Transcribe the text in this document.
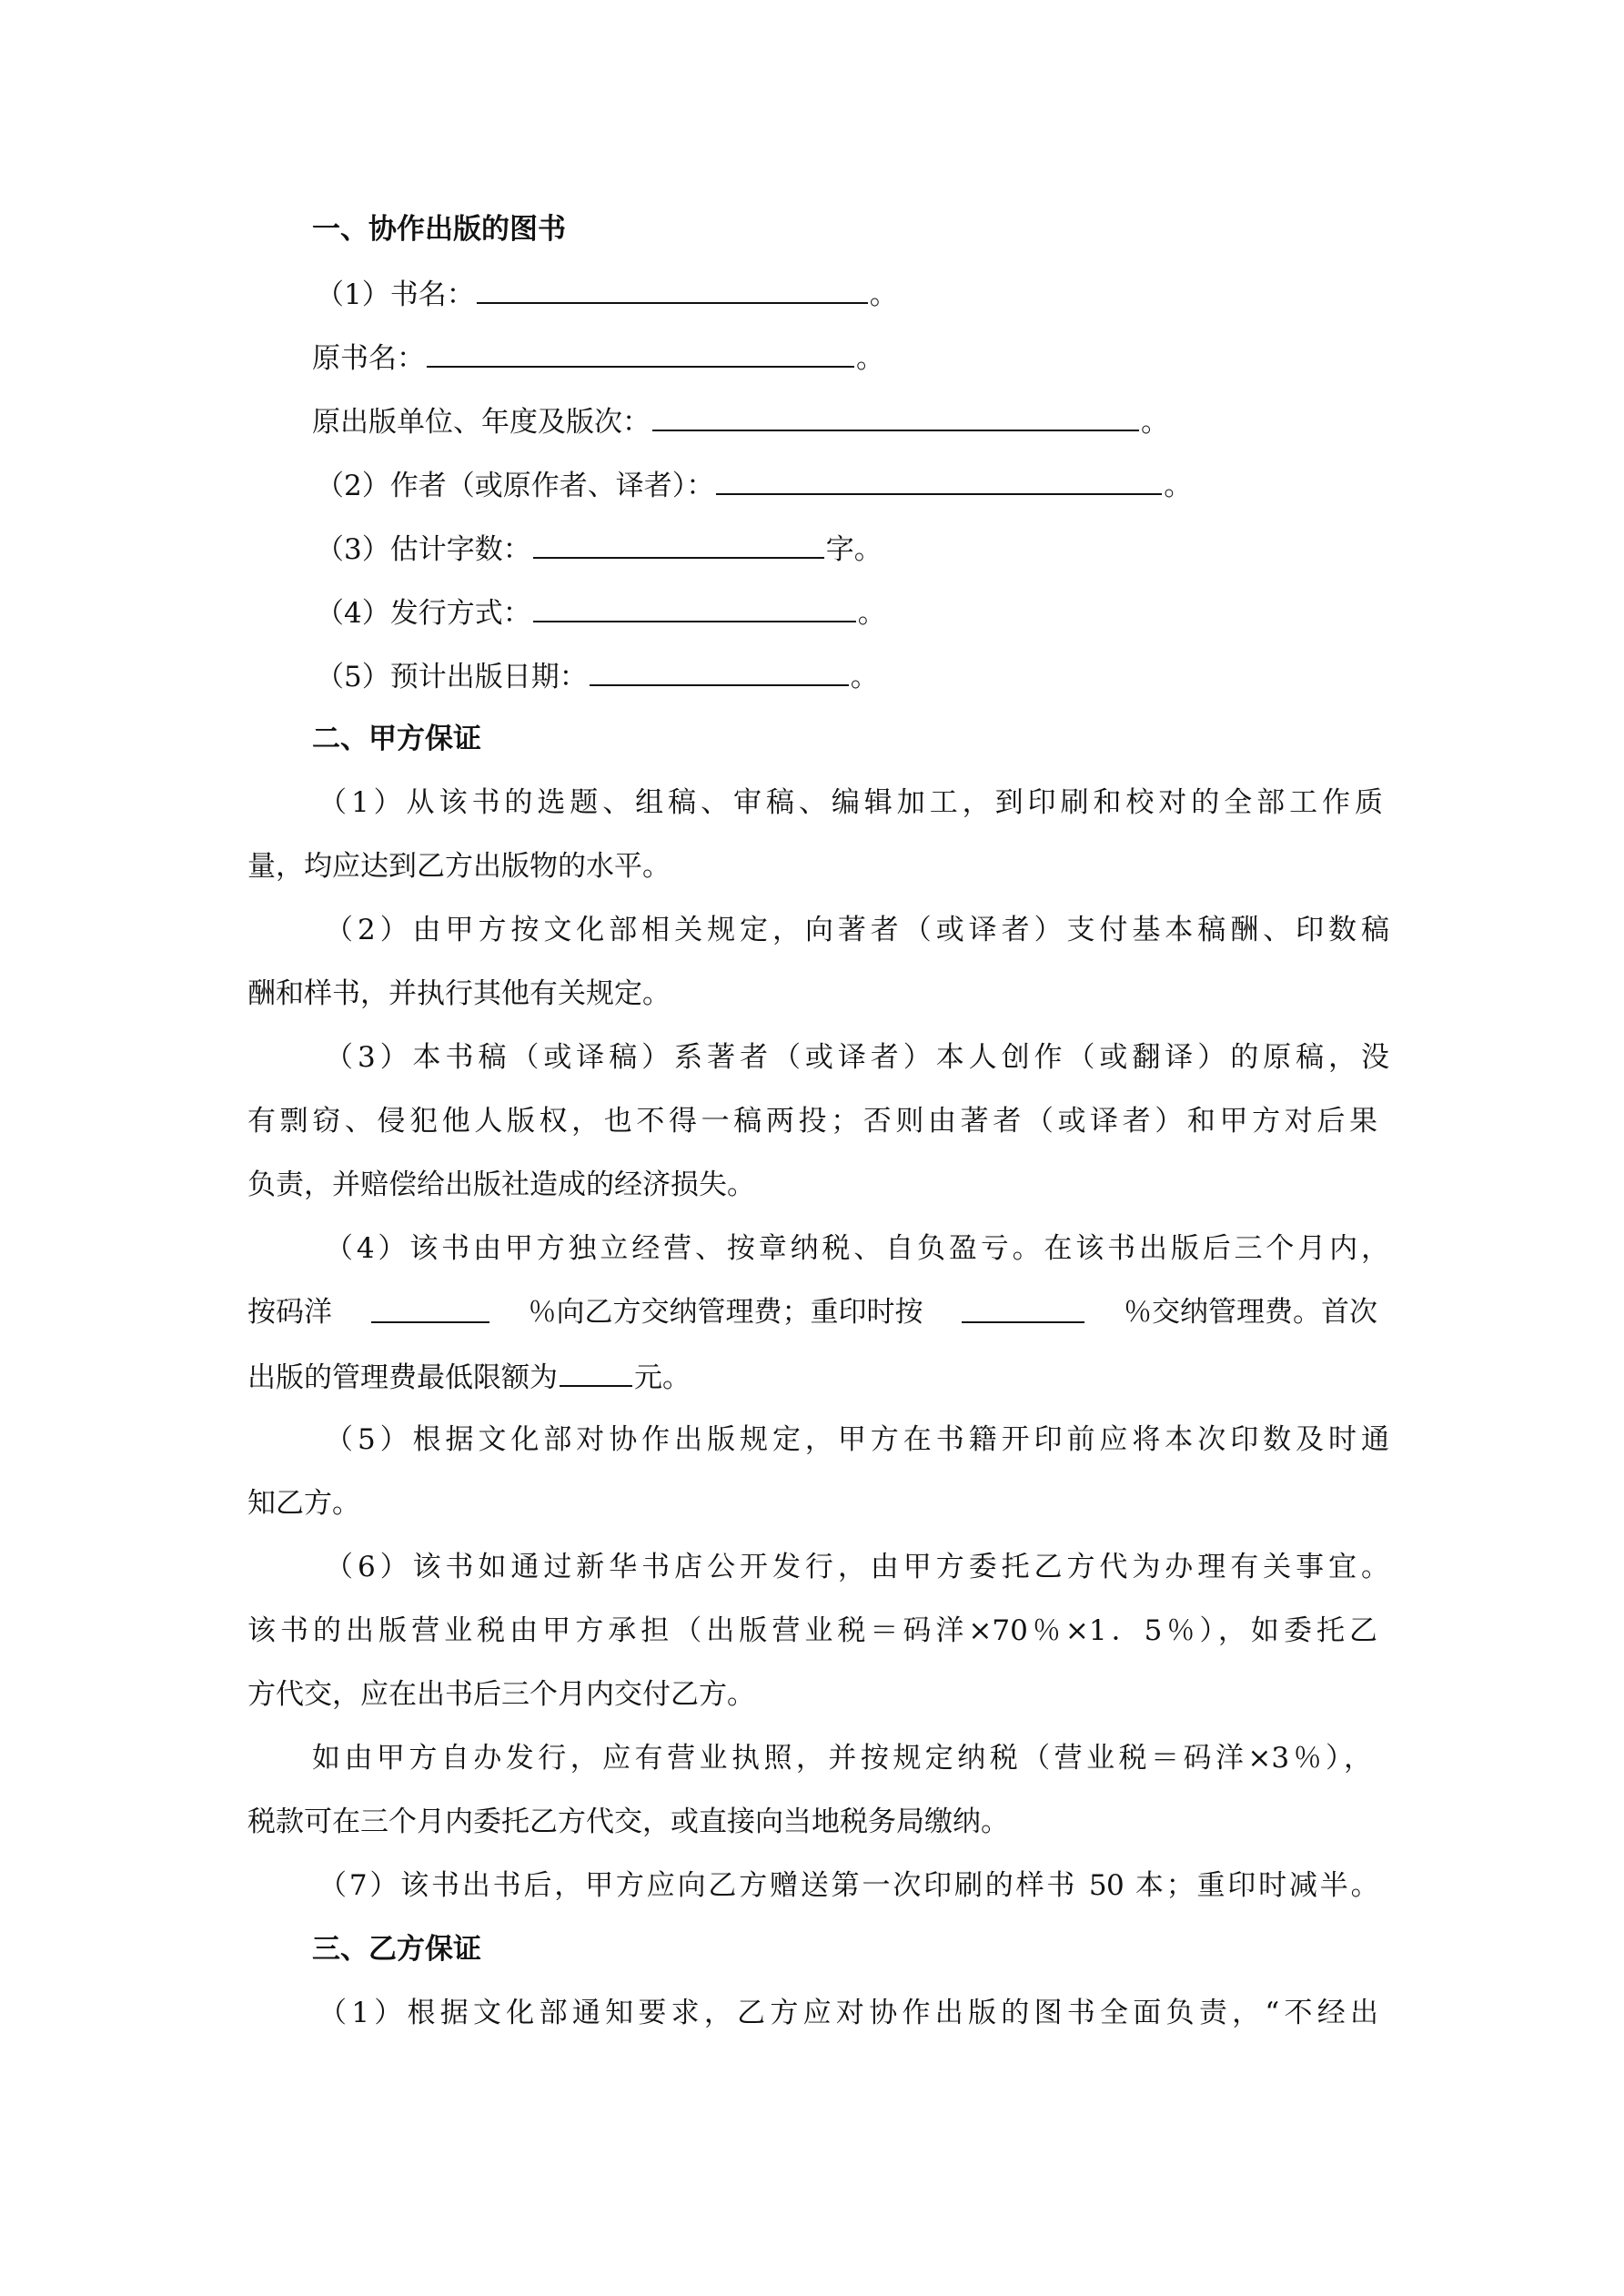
一、协作出版的图书
（1）书名：	。
原书名：	。
原出版单位、年度及版次：	。
（2）作者（或原作者、译者）：	。
（3）估计字数：	字。
（4）发行方式：	。
（5）预计出版日期：	。
二、甲方保证
（1）从该书的选题、组稿、审稿、编辑加工，到印刷和校对的全部工作质
量，均应达到乙方出版物的水平。
（2）由甲方按文化部相关规定，向著者（或译者）支付基本稿酬、印数稿
酬和样书，并执行其他有关规定。
（3）本书稿（或译稿）系著者（或译者）本人创作（或翻译）的原稿，没
有剽窃、侵犯他人版权，也不得一稿两投；否则由著者（或译者）和甲方对后果
负责，并赔偿给出版社造成的经济损失。
（4）该书由甲方独立经营、按章纳税、自负盈亏。在该书出版后三个月内，
按码洋	％向乙方交纳管理费；重印时按	％交纳管理费。首次
出版的管理费最低限额为	元。
（5）根据文化部对协作出版规定，甲方在书籍开印前应将本次印数及时通
知乙方。
（6）该书如通过新华书店公开发行，由甲方委托乙方代为办理有关事宜。
该书的出版营业税由甲方承担（出版营业税＝码洋×70％×1．5％），如委托乙
方代交，应在出书后三个月内交付乙方。
如由甲方自办发行，应有营业执照，并按规定纳税（营业税＝码洋×3％），
税款可在三个月内委托乙方代交，或直接向当地税务局缴纳。
（7）该书出书后，甲方应向乙方赠送第一次印刷的样书 50 本；重印时减半。
三、乙方保证
（1）根据文化部通知要求，乙方应对协作出版的图书全面负责，“不经出
